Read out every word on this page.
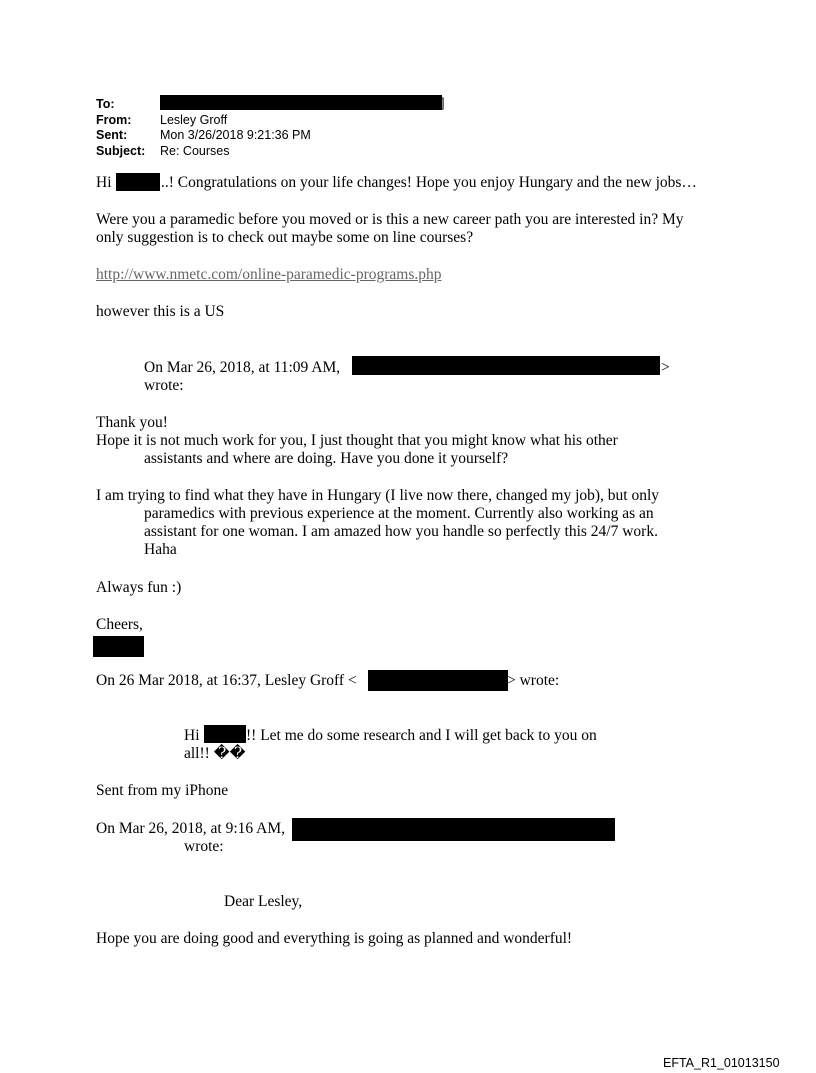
To:	]
From: Lesley Groff
Sent:	Mon 3/26/2018 9:21:36 PM
Subject: Re: Courses
Hi	..! Congratulations on your life changes! Hope you enjoy Hungary and the new jobs…
Were you a paramedic before you moved or is this a new career path you are interested in? My
only suggestion is to check out maybe some on line courses?
http://www.nmetc.com/online-paramedic-programs.php
however this is a US
On Mar 26, 2018, at 11:09 AM,	>
wrote:
Thank you!
Hope it is not much work for you, I just thought that you might know what his other
assistants and where are doing. Have you done it yourself?
I am trying to find what they have in Hungary (I live now there, changed my job), but only
paramedics with previous experience at the moment. Currently also working as an
assistant for one woman. I am amazed how you handle so perfectly this 24/7 work.
Haha
Always fun :)
Cheers,
On 26 Mar 2018, at 16:37, Lesley Groff <	> wrote:
Hi	!! Let me do some research and I will get back to you on
all!! ��
Sent from my iPhone
On Mar 26, 2018, at 9:16 AM,
wrote:
Dear Lesley,
Hope you are doing good and everything is going as planned and wonderful!
EFTA_R1_01013150
